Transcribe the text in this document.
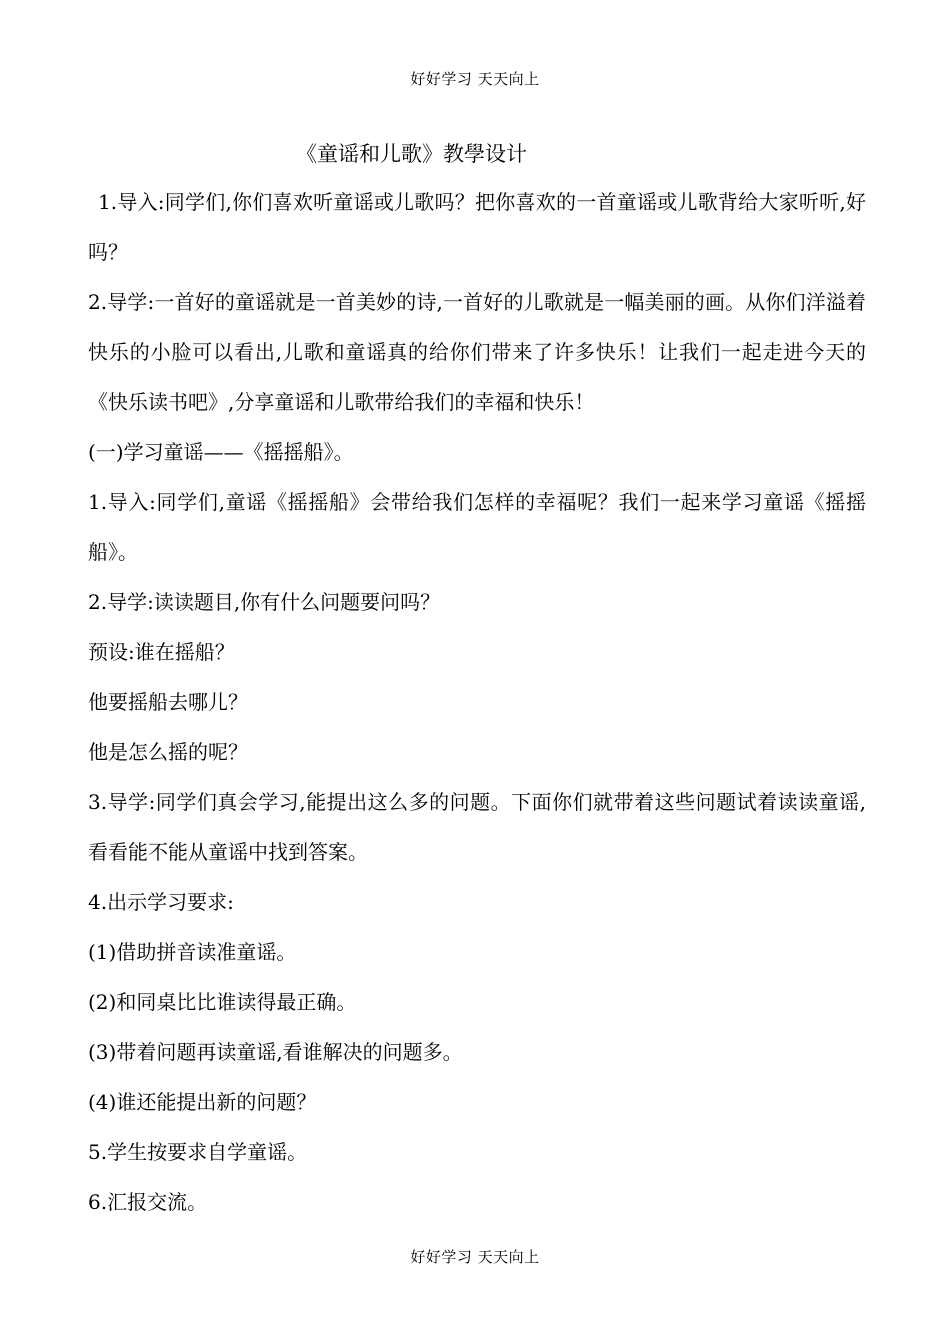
好好学习 天天向上
《童谣和儿歌》教學设计

1.导入:同学们,你们喜欢听童谣或儿歌吗？把你喜欢的一首童谣或儿歌背给大家听听,好吗？

2.导学:一首好的童谣就是一首美妙的诗,一首好的儿歌就是一幅美丽的画。从你们洋溢着快乐的小脸可以看出,儿歌和童谣真的给你们带来了许多快乐！让我们一起走进今天的《快乐读书吧》,分享童谣和儿歌带给我们的幸福和快乐！

(一)学习童谣——《摇摇船》。

1.导入:同学们,童谣《摇摇船》会带给我们怎样的幸福呢？我们一起来学习童谣《摇摇船》。

2.导学:读读题目,你有什么问题要问吗？

预设:谁在摇船？

他要摇船去哪儿？

他是怎么摇的呢？

3.导学:同学们真会学习,能提出这么多的问题。下面你们就带着这些问题试着读读童谣,看看能不能从童谣中找到答案。

4.出示学习要求:

(1)借助拼音读准童谣。

(2)和同桌比比谁读得最正确。

(3)带着问题再读童谣,看谁解决的问题多。

(4)谁还能提出新的问题？

5.学生按要求自学童谣。

6.汇报交流。

好好学习 天天向上
